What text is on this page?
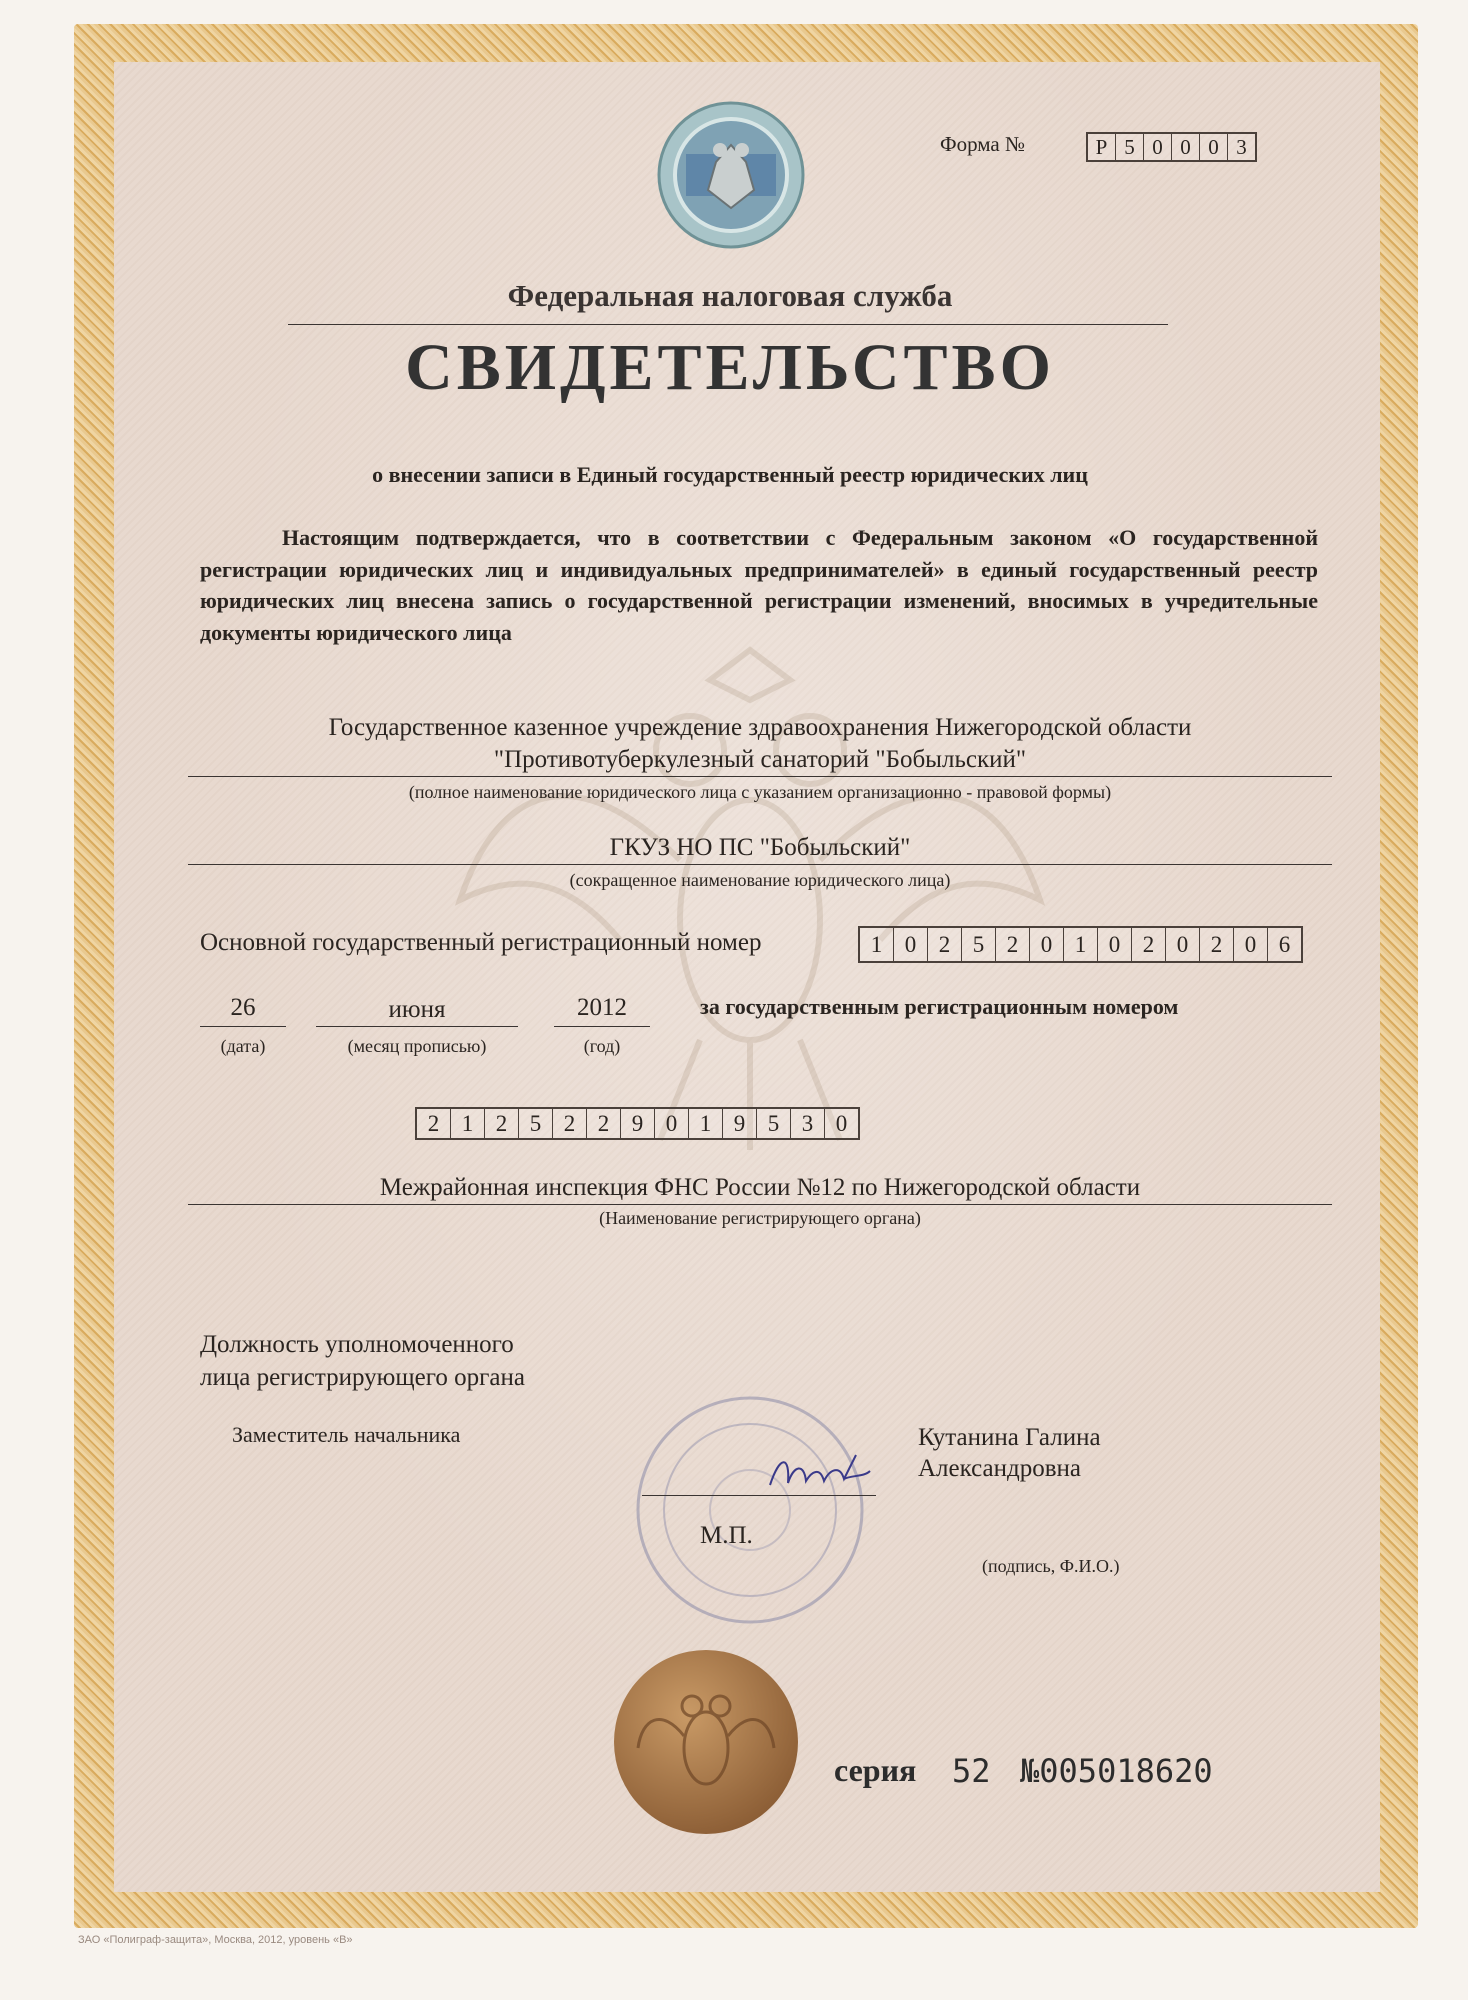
Форма №	Р 5 0 0 0 3
Федеральная налоговая служба
СВИДЕТЕЛЬСТВО
о внесении записи в Единый государственный реестр юридических лиц
Настоящим подтверждается, что в соответствии с Федеральным законом «О государственной регистрации юридических лиц и индивидуальных предпринимателей» в единый государственный реестр юридических лиц внесена запись о государственной регистрации изменений, вносимых в учредительные документы юридического лица
Государственное казенное учреждение здравоохранения Нижегородской области
"Противотуберкулезный санаторий "Бобыльский"
(полное наименование юридического лица с указанием организационно - правовой формы)
ГКУЗ НО ПС "Бобыльский"
(сокращенное наименование юридического лица)
Основной государственный регистрационный номер	1 0 2 5 2 0 1 0 2 0 2 0 6
26
(дата)
июня
(месяц прописью)
2012
(год)
за государственным регистрационным номером
2 1 2 5 2 2 9 0 1 9 5 3 0
Межрайонная инспекция ФНС России №12 по Нижегородской области
(Наименование регистрирующего органа)
Должность уполномоченного
лица регистрирующего органа
Заместитель начальника	Кутанина Галина
Александровна
М.П.
(подпись, Ф.И.О.)
серия 52 №005018620
ЗАО «Полиграф-защита», Москва, 2012, уровень «В»
